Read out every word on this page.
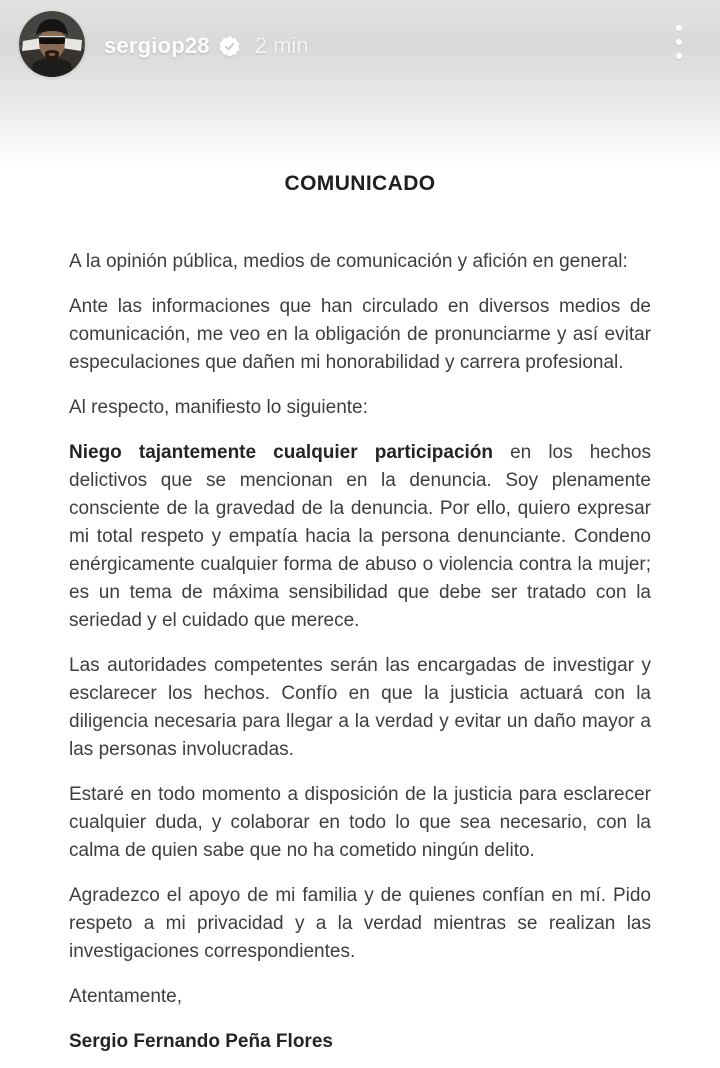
COMUNICADO

A la opinión pública, medios de comunicación y afición en general:

Ante las informaciones que han circulado en diversos medios de comunicación, me veo en la obligación de pronunciarme y así evitar especulaciones que dañen mi honorabilidad y carrera profesional.

Al respecto, manifiesto lo siguiente:

Niego tajantemente cualquier participación en los hechos delictivos que se mencionan en la denuncia. Soy plenamente consciente de la gravedad de la denuncia. Por ello, quiero expresar mi total respeto y empatía hacia la persona denunciante. Condeno enérgicamente cualquier forma de abuso o violencia contra la mujer; es un tema de máxima sensibilidad que debe ser tratado con la seriedad y el cuidado que merece.

Las autoridades competentes serán las encargadas de investigar y esclarecer los hechos. Confío en que la justicia actuará con la diligencia necesaria para llegar a la verdad y evitar un daño mayor a las personas involucradas.

Estaré en todo momento a disposición de la justicia para esclarecer cualquier duda, y colaborar en todo lo que sea necesario, con la calma de quien sabe que no ha cometido ningún delito.

Agradezco el apoyo de mi familia y de quienes confían en mí. Pido respeto a mi privacidad y a la verdad mientras se realizan las investigaciones correspondientes.

Atentamente,

Sergio Fernando Peña Flores

sergiop28 2 min
